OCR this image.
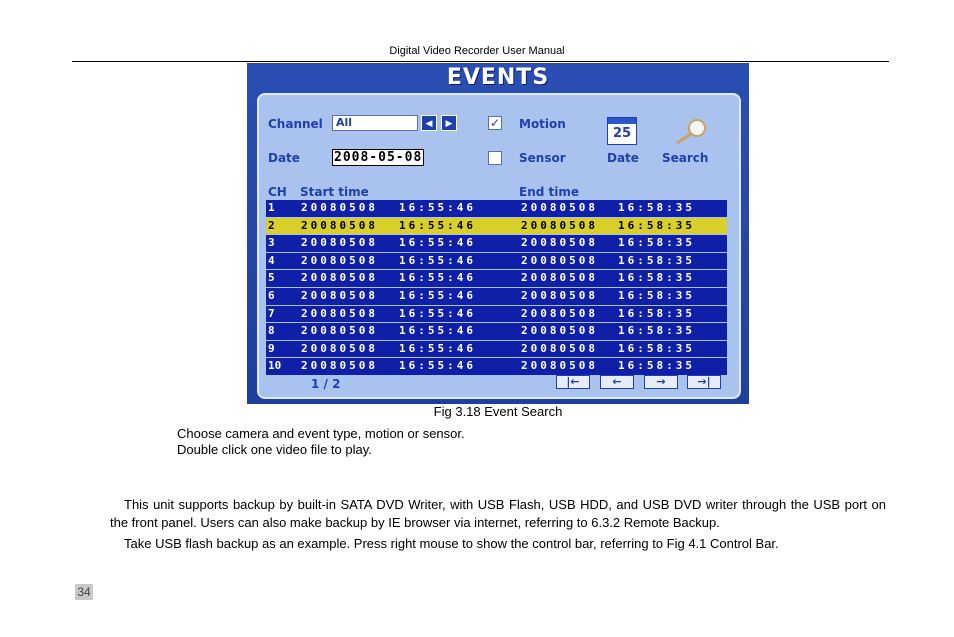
Digital Video Recorder User Manual
EVENTS
Channel	All	◀	▶	✓ Motion
Sensor
Date	2008-05-08
25
Date Search
CH Start time	End time
1 20080508 16:55:46	20080508 16:58:35
2 20080508 16:55:46	20080508 16:58:35
3 20080508 16:55:46	20080508 16:58:35
4 20080508 16:55:46	20080508 16:58:35
5 20080508 16:55:46	20080508 16:58:35
6 20080508 16:55:46	20080508 16:58:35
7 20080508 16:55:46	20080508 16:58:35
8 20080508 16:55:46	20080508 16:58:35
9 20080508 16:55:46	20080508 16:58:35
10 20080508 16:55:46	20080508 16:58:35
1 / 2	|←	←	→	→|
Fig 3.18 Event Search
Choose camera and event type, motion or sensor.
Double click one video file to play.
This unit supports backup by built-in SATA DVD Writer, with USB Flash, USB HDD, and USB DVD writer through the USB port on the front panel. Users can also make backup by IE browser via internet, referring to 6.3.2 Remote Backup.
Take USB flash backup as an example. Press right mouse to show the control bar, referring to Fig 4.1 Control Bar.
34
